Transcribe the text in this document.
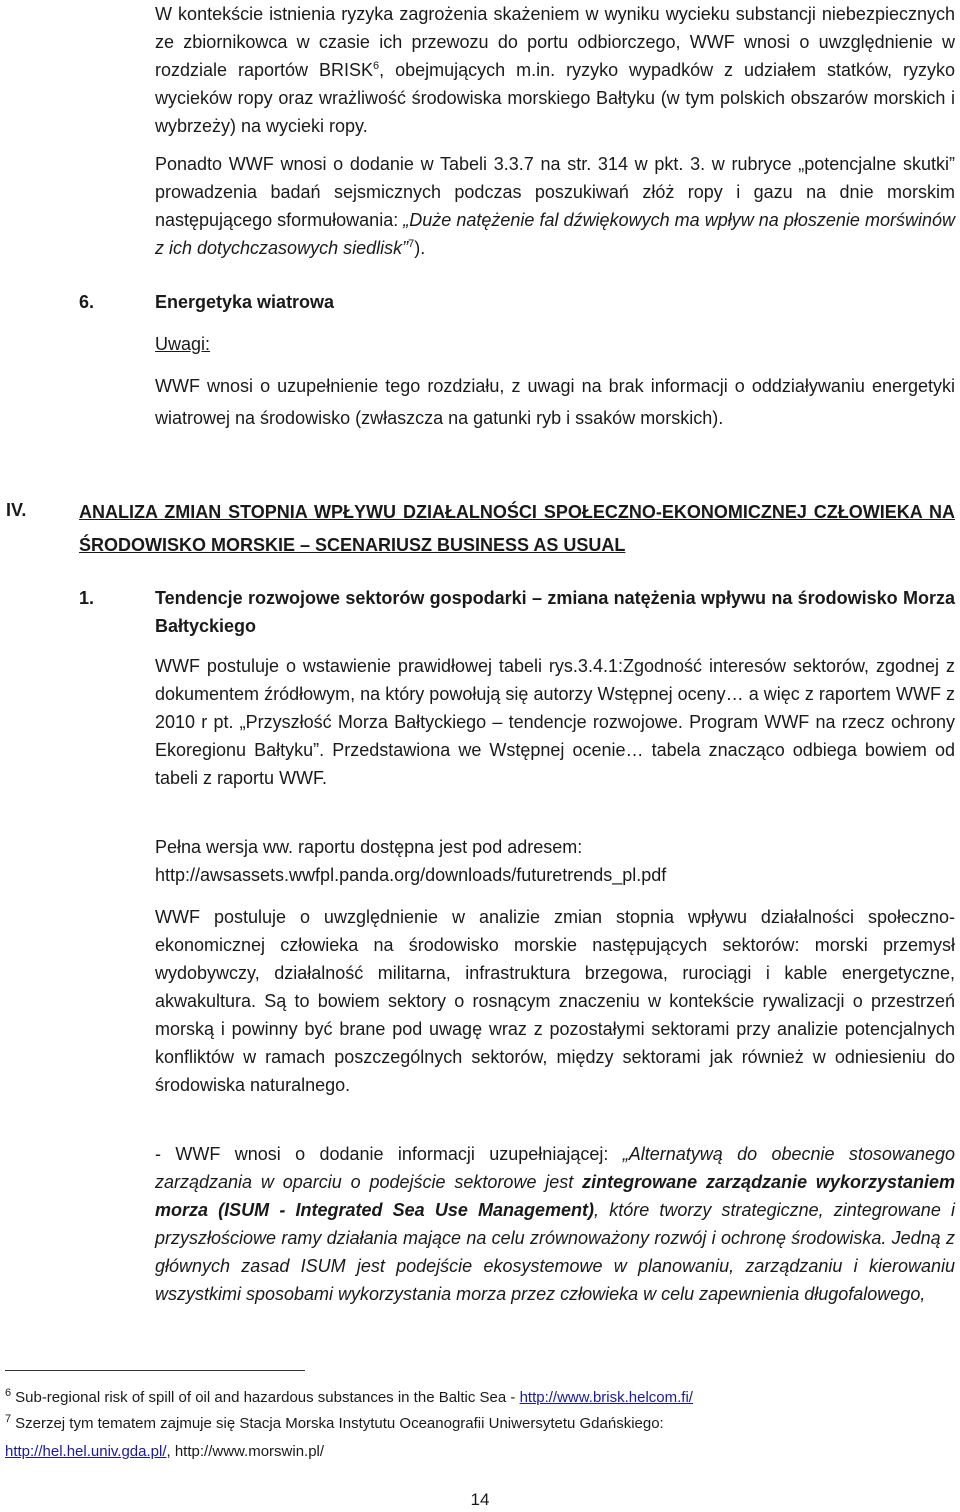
W kontekście istnienia ryzyka zagrożenia skażeniem w wyniku wycieku substancji niebezpiecznych ze zbiornikowca w czasie ich przewozu do portu odbiorczego, WWF wnosi o uwzględnienie w rozdziale raportów BRISK$^6$, obejmujących m.in. ryzyko wypadków z udziałem statków, ryzyko wycieków ropy oraz wrażliwość środowiska morskiego Bałtyku (w tym polskich obszarów morskich i wybrzeży) na wycieki ropy.
Ponadto WWF wnosi o dodanie w Tabeli 3.3.7 na str. 314 w pkt. 3. w rubryce „potencjalne skutki” prowadzenia badań sejsmicznych podczas poszukiwań złóż ropy i gazu na dnie morskim następującego sformułowania: „Duże natężenie fal dźwiękowych ma wpływ na płoszenie morświnów z ich dotychczasowych siedlisk”$^7$).
6.	Energetyka wiatrowa
Uwagi:
WWF wnosi o uzupełnienie tego rozdziału, z uwagi na brak informacji o oddziaływaniu energetyki wiatrowej na środowisko (zwłaszcza na gatunki ryb i ssaków morskich).
IV.	ANALIZA ZMIAN STOPNIA WPŁYWU DZIAŁALNOŚCI SPOŁECZNO-EKONOMICZNEJ CZŁOWIEKA NA ŚRODOWISKO MORSKIE – SCENARIUSZ BUSINESS AS USUAL
1.	Tendencje rozwojowe sektorów gospodarki – zmiana natężenia wpływu na środowisko Morza Bałtyckiego
WWF postuluje o wstawienie prawidłowej tabeli rys.3.4.1:Zgodność interesów sektorów, zgodnej z dokumentem źródłowym, na który powołują się autorzy Wstępnej oceny… a więc z raportem WWF z 2010 r pt. „Przyszłość Morza Bałtyckiego – tendencje rozwojowe. Program WWF na rzecz ochrony Ekoregionu Bałtyku”. Przedstawiona we Wstępnej ocenie… tabela znacząco odbiega bowiem od tabeli z raportu WWF.
Pełna wersja ww. raportu dostępna jest pod adresem:
http://awsassets.wwfpl.panda.org/downloads/futuretrends_pl.pdf
WWF postuluje o uwzględnienie w analizie zmian stopnia wpływu działalności społeczno-ekonomicznej człowieka na środowisko morskie następujących sektorów: morski przemysł wydobywczy, działalność militarna, infrastruktura brzegowa, rurociągi i kable energetyczne, akwakultura. Są to bowiem sektory o rosnącym znaczeniu w kontekście rywalizacji o przestrzeń morską i powinny być brane pod uwagę wraz z pozostałymi sektorami przy analizie potencjalnych konfliktów w ramach poszczególnych sektorów, między sektorami jak również w odniesieniu do środowiska naturalnego.
- WWF wnosi o dodanie informacji uzupełniającej: „Alternatywą do obecnie stosowanego zarządzania w oparciu o podejście sektorowe jest zintegrowane zarządzanie wykorzystaniem morza (ISUM - Integrated Sea Use Management), które tworzy strategiczne, zintegrowane i przyszłościowe ramy działania mające na celu zrównoważony rozwój i ochronę środowiska. Jedną z głównych zasad ISUM jest podejście ekosystemowe w planowaniu, zarządzaniu i kierowaniu wszystkimi sposobami wykorzystania morza przez człowieka w celu zapewnienia długofalowego,
$^6$ Sub-regional risk of spill of oil and hazardous substances in the Baltic Sea - http://www.brisk.helcom.fi/
$^7$ Szerzej tym tematem zajmuje się Stacja Morska Instytutu Oceanografii Uniwersytetu Gdańskiego:
http://hel.hel.univ.gda.pl/, http://www.morswin.pl/
14
